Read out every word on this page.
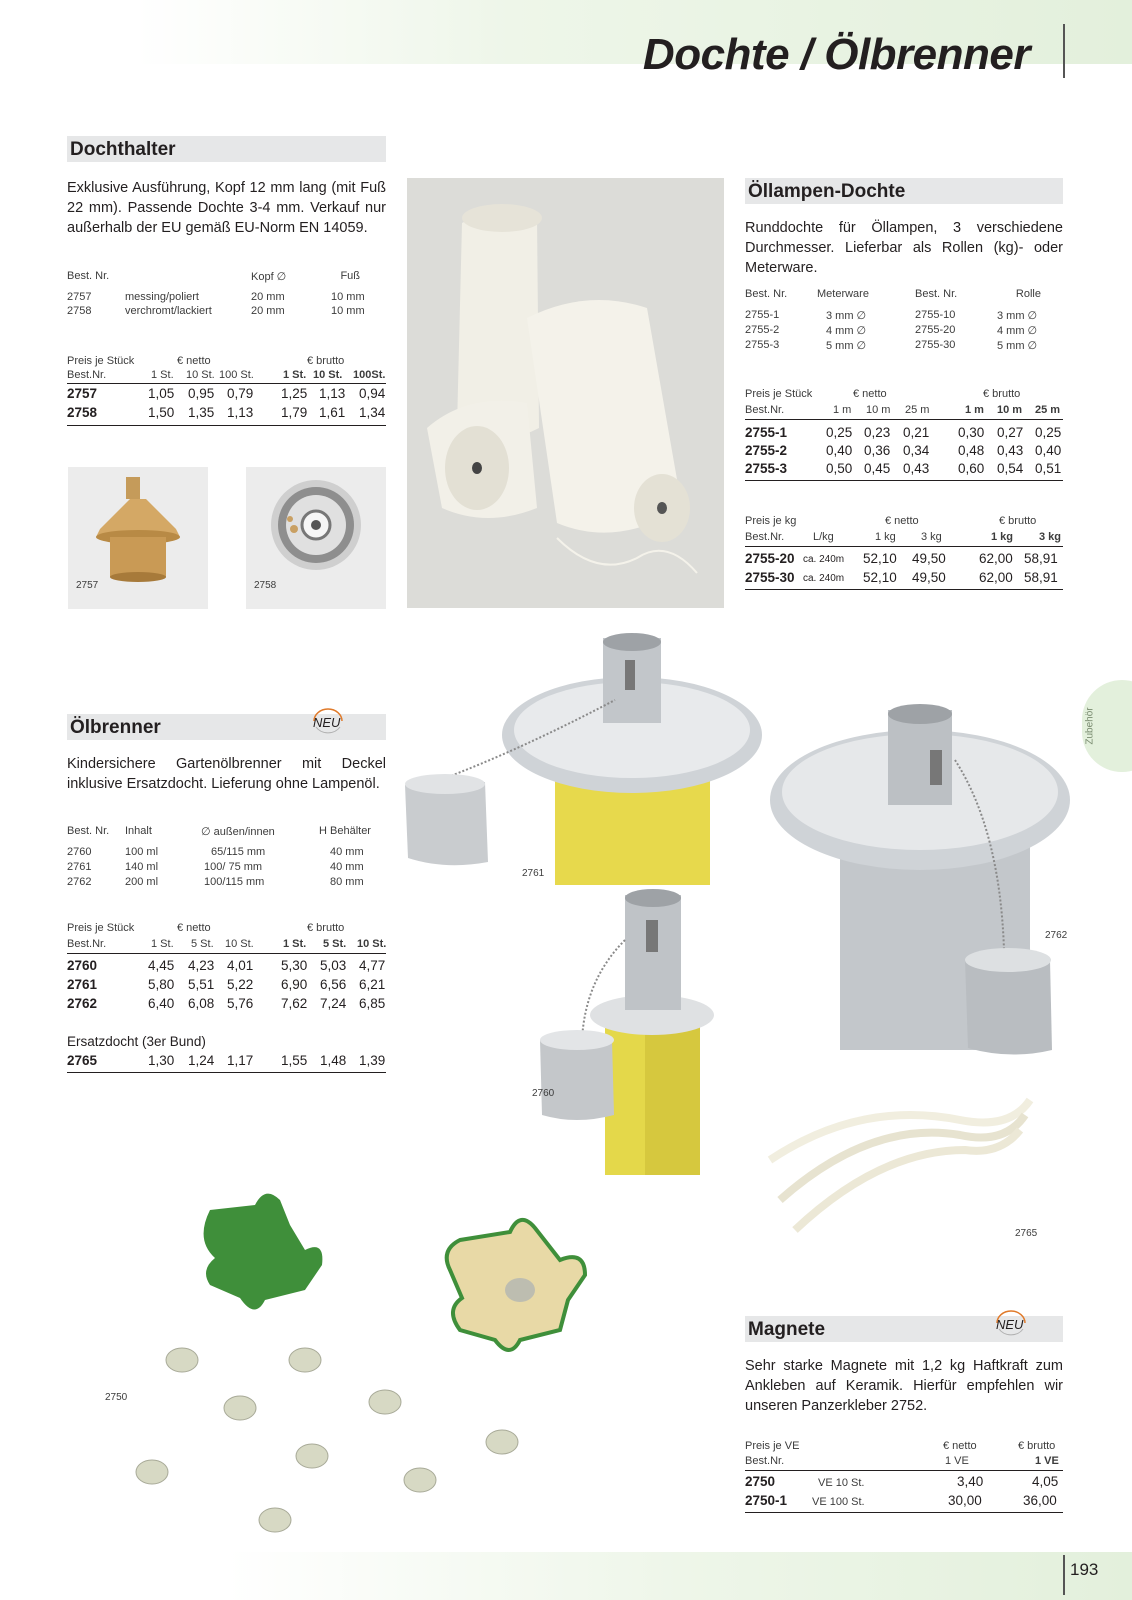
Dochte / Ölbrenner
Zubehör
193
Dochthalter
Exklusive Ausführung, Kopf 12 mm lang (mit Fuß 22 mm). Passende Dochte 3-4 mm. Verkauf nur außerhalb der EU gemäß EU-Norm EN 14059.
Best. Nr.	Kopf ∅	Fuß
2757	messing/poliert	20 mm	10 mm
2758	verchromt/lackiert	20 mm	10 mm
Preis je Stück	€ netto	€ brutto
Best.Nr.	1 St. 10 St. 100 St.	1 St. 10 St. 100St.
2757	1,05 0,95 0,79 1,25 1,13 0,94
2758	1,50 1,35 1,13 1,79 1,61 1,34
2757	2758
Öllampen-Dochte
Runddochte für Öllampen, 3 verschiedene Durchmesser. Lieferbar als Rollen (kg)- oder Meterware.
Best. Nr.	Meterware	Best. Nr.	Rolle
2755-1	3 mm ∅	2755-10	3 mm ∅
2755-2	4 mm ∅	2755-20	4 mm ∅
2755-3	5 mm ∅	2755-30	5 mm ∅
Preis je Stück	€ netto	€ brutto
Best.Nr.	1 m 10 m 25 m	1 m 10 m 25 m
2755-1	0,25 0,23 0,21 0,30 0,27 0,25
2755-2	0,40 0,36 0,34 0,48 0,43 0,40
2755-3	0,50 0,45 0,43 0,60 0,54 0,51
Preis je kg	€ netto	€ brutto
Best.Nr.	L/kg	1 kg 3 kg	1 kg 3 kg
2755-20 ca. 240m 52,10 49,50 62,00 58,91
2755-30 ca. 240m 52,10 49,50 62,00 58,91
Ölbrenner	NEU
Kindersichere Gartenölbrenner mit Deckel inklusive Ersatzdocht. Lieferung ohne Lampenöl.
Best. Nr. Inhalt	∅ außen/innen	H Behälter
2760	100 ml	65/115 mm	40 mm
2761	140 ml	100/ 75 mm	40 mm
2762	200 ml	100/115 mm	80 mm
Preis je Stück	€ netto	€ brutto
Best.Nr.	1 St. 5 St. 10 St.	1 St. 5 St. 10 St.
2760	4,45 4,23 4,01 5,30 5,03 4,77
2761	5,80 5,51 5,22 6,90 6,56 6,21
2762	6,40 6,08 5,76 7,62 7,24 6,85
Ersatzdocht (3er Bund)
2765	1,30 1,24 1,17 1,55 1,48 1,39
2761
2762
2760
2765
2750
Magnete	NEU
Sehr starke Magnete mit 1,2 kg Haftkraft zum Ankleben auf Keramik. Hierfür empfehlen wir unseren Panzerkleber 2752.
Preis je VE	€ netto	€ brutto
Best.Nr.	1 VE	1 VE
2750	VE 10 St.	3,40	4,05
2750-1 VE 100 St.	30,00	36,00
